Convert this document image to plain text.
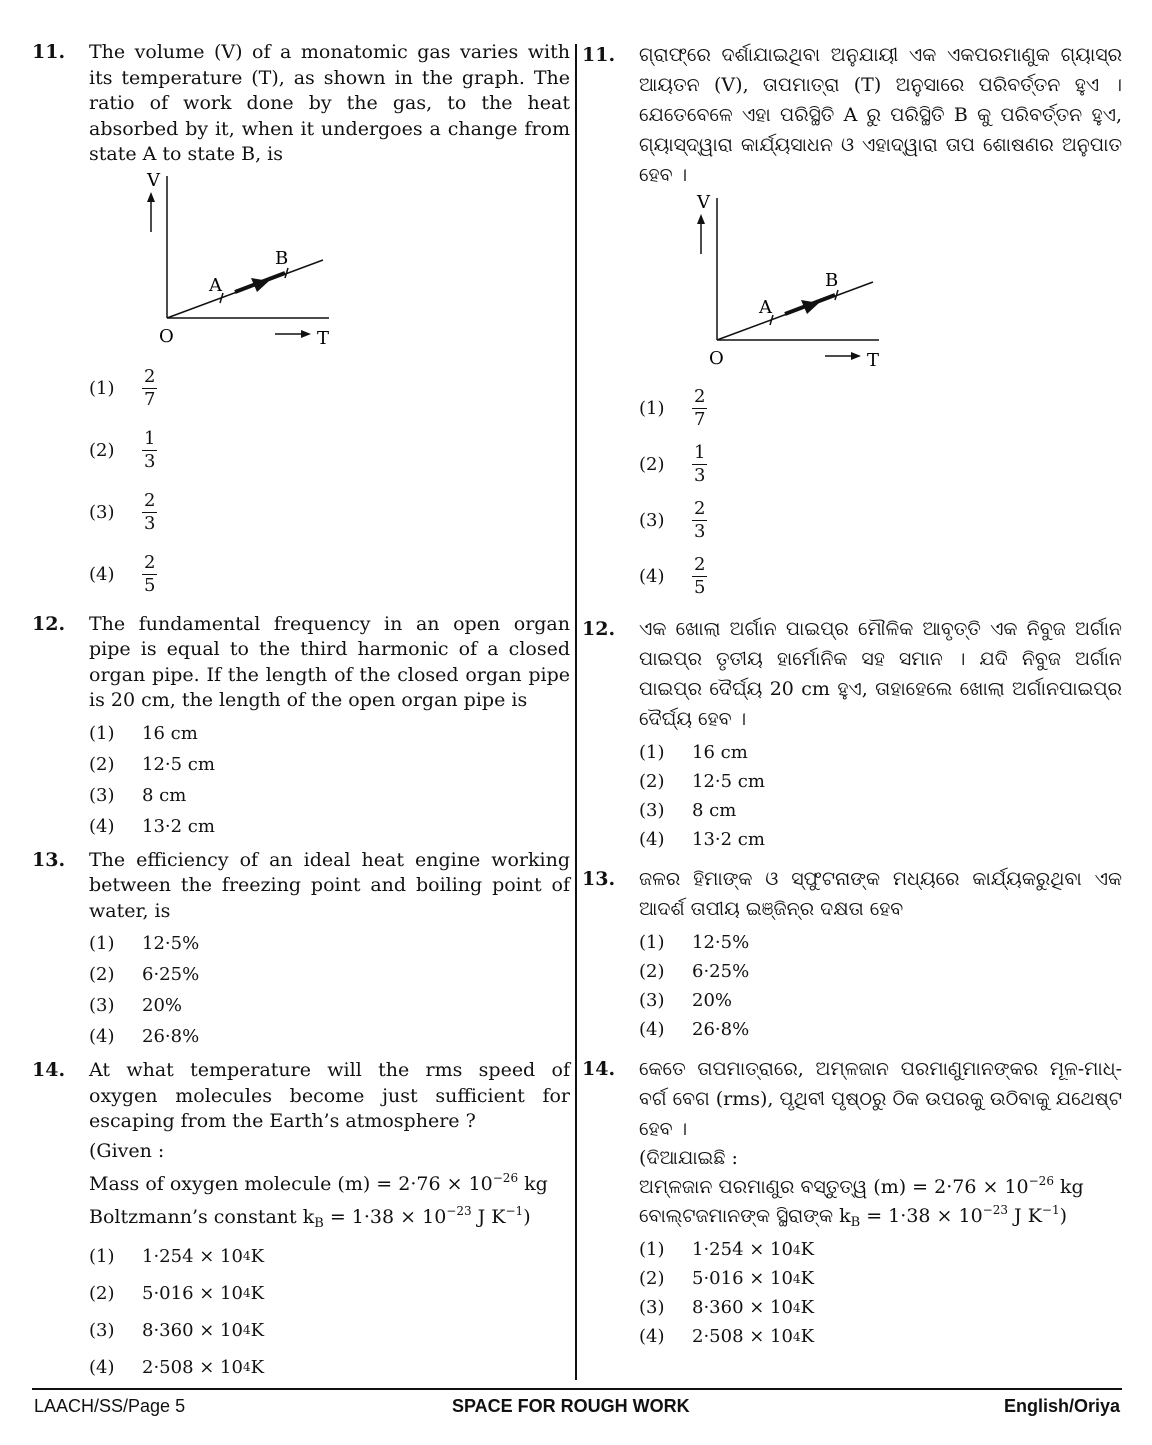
11. The volume (V) of a monatomic gas varies with its temperature (T), as shown in the graph. The ratio of work done by the gas, to the heat absorbed by it, when it undergoes a change from state A to state B, is
V
A
B
O	T
(1)	$\frac{2}{7}$
(2)	$\frac{1}{3}$
(3)	$\frac{2}{3}$
(4)	$\frac{2}{5}$
12. The fundamental frequency in an open organ pipe is equal to the third harmonic of a closed organ pipe. If the length of the closed organ pipe is 20 cm, the length of the open organ pipe is
(1)	16 cm
(2)	12·5 cm
(3)	8 cm
(4)	13·2 cm
13. The efficiency of an ideal heat engine working between the freezing point and boiling point of water, is
(1)	12·5%
(2)	6·25%
(3)	20%
(4)	26·8%
14. At what temperature will the rms speed of oxygen molecules become just sufficient for escaping from the Earth’s atmosphere ?
(Given :
Mass of oxygen molecule $(m) = 2\cdot 76 \times 10^{-26}$ kg
Boltzmann’s constant $k_B = 1\cdot 38 \times 10^{-23}$ J $K^{-1}$)
(1)	1·254 × 10 4 K
(2)	5·016 × 10 4 K
(3)	8·360 × 10 4 K
(4)	2·508 × 10 4 K
11. ଗ୍ରାଫ୍‌ରେ ଦର୍ଶାଯାଇଥିବା ଅନୁଯାୟୀ ଏକ ଏକପରମାଣୁକ ଗ୍ୟାସ୍‌ର ଆୟତନ (V), ତାପମାତ୍ରା (T) ଅନୁସାରେ ପରିବର୍ତ୍ତନ ହୁଏ । ଯେତେବେଳେ ଏହା ପରିସ୍ଥିତି A ରୁ ପରିସ୍ଥିତି B କୁ ପରିବର୍ତ୍ତନ ହୁଏ, ଗ୍ୟାସ୍‌ଦ୍ୱାରା କାର୍ଯ୍ୟସାଧନ ଓ ଏହାଦ୍ୱାରା ତାପ ଶୋଷଣର ଅନୁପାତ ହେବ ।
V
A
B
O	T
(1)	$\frac{2}{7}$
(2)	$\frac{1}{3}$
(3)	$\frac{2}{3}$
(4)	$\frac{2}{5}$
12. ଏକ ଖୋଲା ଅର୍ଗାନ ପାଇପ୍‌ର ମୌଳିକ ଆବୃତ୍ତି ଏକ ନିବୁଜ ଅର୍ଗାନ ପାଇପ୍‌ର ତୃତୀୟ ହାର୍ମୋନିକ ସହ ସମାନ । ଯଦି ନିବୁଜ ଅର୍ଗାନ ପାଇପ୍‌ର ଦୈର୍ଘ୍ୟ 20 cm ହୁଏ, ତାହାହେଲେ ଖୋଲା ଅର୍ଗାନପାଇପ୍‌ର ଦୈର୍ଘ୍ୟ ହେବ ।
(1)	16 cm
(2)	12·5 cm
(3)	8 cm
(4)	13·2 cm
13. ଜଳର ହିମାଙ୍କ ଓ ସ୍ଫୁଟନାଙ୍କ ମଧ୍ୟରେ କାର୍ଯ୍ୟକରୁଥିବା ଏକ ଆଦର୍ଶ ତାପୀୟ ଇଞ୍ଜିନ୍‌ର ଦକ୍ଷତା ହେବ
(1)	12·5%
(2)	6·25%
(3)	20%
(4)	26·8%
14. କେତେ ତାପମାତ୍ରାରେ, ଅମ୍ଳଜାନ ପରମାଣୁମାନଙ୍କର ମୂଳ-ମାଧ୍-ବର୍ଗ ବେଗ (rms), ପୃଥିବୀ ପୃଷ୍ଠରୁ ଠିକ ଉପରକୁ ଉଠିବାକୁ ଯଥେଷ୍ଟ ହେବ ।
(ଦିଆଯାଇଛି :
ଅମ୍ଳଜାନ ପରମାଣୁର ବସ୍ତୁତ୍ୱ $(m) = 2\cdot 76 \times 10^{-26}$ kg
ବୋଲ୍‌ଟଜମାନଙ୍କ ସ୍ଥିରାଙ୍କ $k_B = 1\cdot 38 \times 10^{-23}$ J $K^{-1}$)
(1)	1·254 × 10 4 K
(2)	5·016 × 10 4 K
(3)	8·360 × 10 4 K
(4)	2·508 × 10 4 K
LAACH/SS/Page 5	SPACE FOR ROUGH WORK	English/Oriya
